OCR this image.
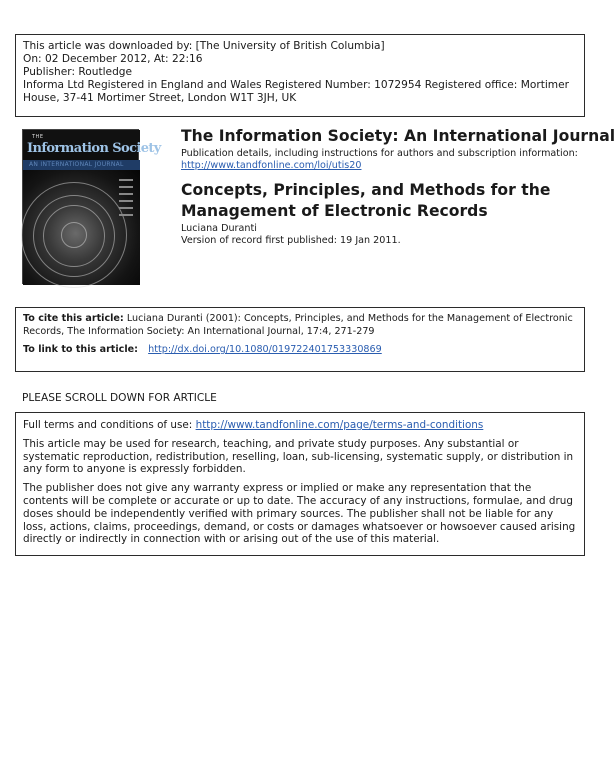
This article was downloaded by: [The University of British Columbia]
On: 02 December 2012, At: 22:16
Publisher: Routledge
Informa Ltd Registered in England and Wales Registered Number: 1072954 Registered office: Mortimer
House, 37-41 Mortimer Street, London W1T 3JH, UK
THE
Information Society
AN INTERNATIONAL JOURNAL
The Information Society: An International Journal
Publication details, including instructions for authors and subscription information:
http://www.tandfonline.com/loi/utis20
Concepts, Principles, and Methods for the Management of Electronic Records
Luciana Duranti
Version of record first published: 19 Jan 2011.
To cite this article: Luciana Duranti (2001): Concepts, Principles, and Methods for the Management of Electronic
Records, The Information Society: An International Journal, 17:4, 271-279
To link to this article: http://dx.doi.org/10.1080/019722401753330869
PLEASE SCROLL DOWN FOR ARTICLE

Full terms and conditions of use: http://www.tandfonline.com/page/terms-and-conditions

This article may be used for research, teaching, and private study purposes. Any substantial or systematic reproduction, redistribution, reselling, loan, sub-licensing, systematic supply, or distribution in any form to anyone is expressly forbidden.

The publisher does not give any warranty express or implied or make any representation that the contents will be complete or accurate or up to date. The accuracy of any instructions, formulae, and drug doses should be independently verified with primary sources. The publisher shall not be liable for any loss, actions, claims, proceedings, demand, or costs or damages whatsoever or howsoever caused arising directly or indirectly in connection with or arising out of the use of this material.
